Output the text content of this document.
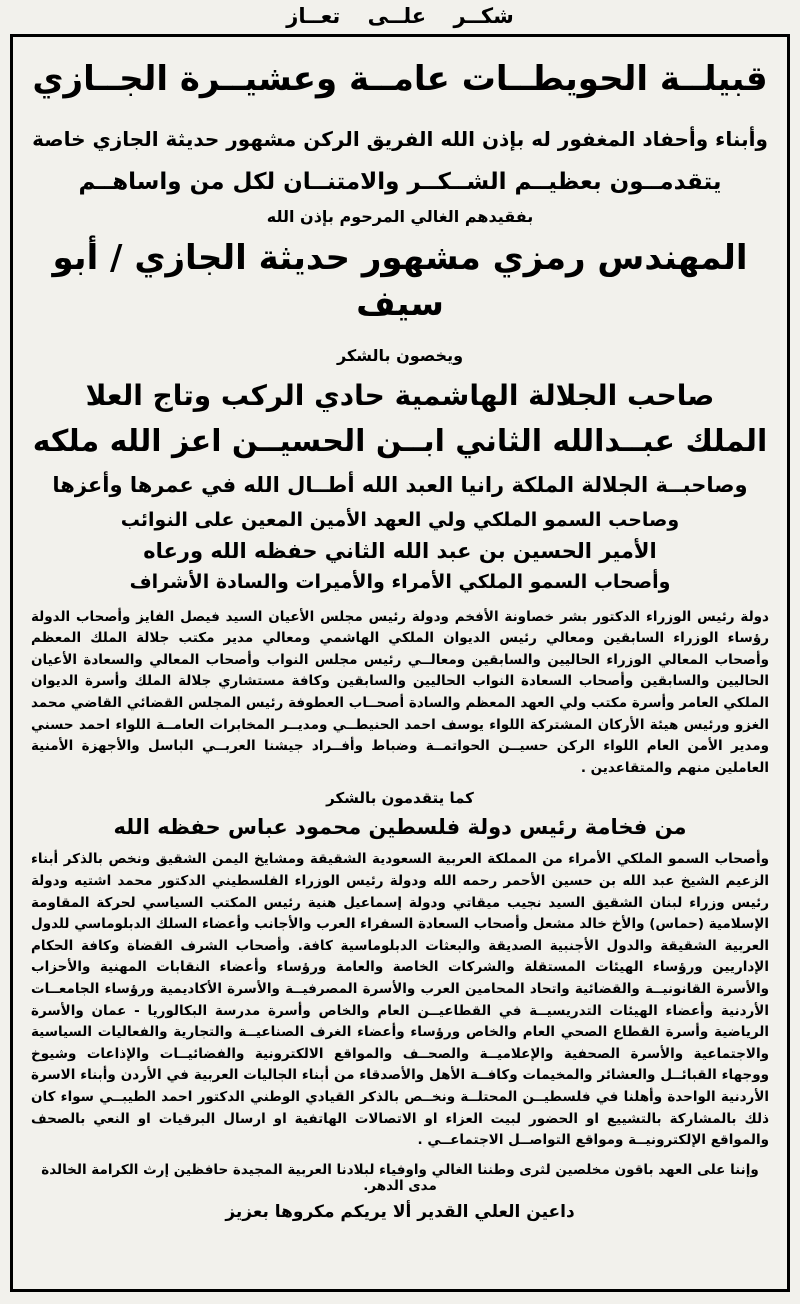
شكــر علــى تعــاز
قبيلــة الحويطــات عامــة وعشيــرة الجــازي
وأبناء وأحفاد المغفور له بإذن الله الفريق الركن مشهور حديثة الجازي خاصة
يتقدمــون بعظيــم الشــكــر والامتنــان لكل من واساهــم
بفقيدهم الغالي المرحوم بإذن الله
المهندس رمزي مشهور حديثة الجازي / أبو سيف
ويخصون بالشكر
صاحب الجلالة الهاشمية حادي الركب وتاج العلا
الملك عبــدالله الثاني ابــن الحسيــن اعز الله ملكه
وصاحبــة الجلالة الملكة رانيا العبد الله أطــال الله في عمرها وأعزها
وصاحب السمو الملكي ولي العهد الأمين المعين على النوائب
الأمير الحسين بن عبد الله الثاني حفظه الله ورعاه
وأصحاب السمو الملكي الأمراء والأميرات والسادة الأشراف

دولة رئيس الوزراء الدكتور بشر خصاونة الأفخم ودولة رئيس مجلس الأعيان السيد فيصل الفايز وأصحاب الدولة رؤساء الوزراء السابقين ومعالي رئيس الديوان الملكي الهاشمي ومعالي مدير مكتب جلالة الملك المعظم وأصحاب المعالي الوزراء الحاليين والسابقين ومعالــي رئيس مجلس النواب وأصحاب المعالي والسعادة الأعيان الحاليين والسابقين وأصحاب السعادة النواب الحاليين والسابقين وكافة مستشاري جلالة الملك وأسرة الديوان الملكي العامر وأسرة مكتب ولي العهد المعظم والسادة أصحــاب العطوفة رئيس المجلس القضائي القاضي محمد الغزو ورئيس هيئة الأركان المشتركة اللواء يوسف احمد الحنيطــي ومديــر المخابرات العامــة اللواء احمد حسني ومدير الأمن العام اللواء الركن حسيــن الحواتمــة وضباط وأفــراد جيشنا العربــي الباسل والأجهزة الأمنية العاملين منهم والمتقاعدين .

كما يتقدمون بالشكر
من فخامة رئيس دولة فلسطين محمود عباس حفظه الله

وأصحاب السمو الملكي الأمراء من المملكة العربية السعودية الشقيقة ومشايخ اليمن الشقيق ونخص بالذكر أبناء الزعيم الشيخ عبد الله بن حسين الأحمر رحمه الله ودولة رئيس الوزراء الفلسطيني الدكتور محمد اشتيه ودولة رئيس وزراء لبنان الشقيق السيد نجيب ميقاتي ودولة إسماعيل هنية رئيس المكتب السياسي لحركة المقاومة الإسلامية (حماس) والأخ خالد مشعل وأصحاب السعادة السفراء العرب والأجانب وأعضاء السلك الدبلوماسي للدول العربية الشقيقة والدول الأجنبية الصديقة والبعثات الدبلوماسية كافة. وأصحاب الشرف القضاة وكافة الحكام الإداريين ورؤساء الهيئات المستقلة والشركات الخاصة والعامة ورؤساء وأعضاء النقابات المهنية والأحزاب والأسرة القانونيــة والقضائية واتحاد المحامين العرب والأسرة المصرفيــة والأسرة الأكاديمية ورؤساء الجامعــات الأردنية وأعضاء الهيئات التدريسيــة في القطاعيــن العام والخاص وأسرة مدرسة البكالوريا - عمان والأسرة الرياضية وأسرة القطاع الصحي العام والخاص ورؤساء وأعضاء الغرف الصناعيــة والتجارية والفعاليات السياسية والاجتماعية والأسرة الصحفية والإعلاميــة والصحــف والمواقع الالكترونية والفضائيــات والإذاعات وشيوخ ووجهاء القبائــل والعشائر والمخيمات وكافــة الأهل والأصدقاء من أبناء الجاليات العربية في الأردن وأبناء الاسرة الأردنية الواحدة وأهلنا في فلسطيــن المحتلــة ونخــص بالذكر القيادي الوطني الدكتور احمد الطيبــي سواء كان ذلك بالمشاركة بالتشييع او الحضور لبيت العزاء او الاتصالات الهاتفية او ارسال البرقيات او النعي بالصحف والمواقع الإلكترونيــة ومواقع التواصــل الاجتماعــي .

وإننا على العهد باقون مخلصين لثرى وطننا الغالي واوفياء لبلادنا العربية المجيدة حافظين إرث الكرامة الخالدة مدى الدهر.
داعين العلي القدير ألا يريكم مكروها بعزيز
